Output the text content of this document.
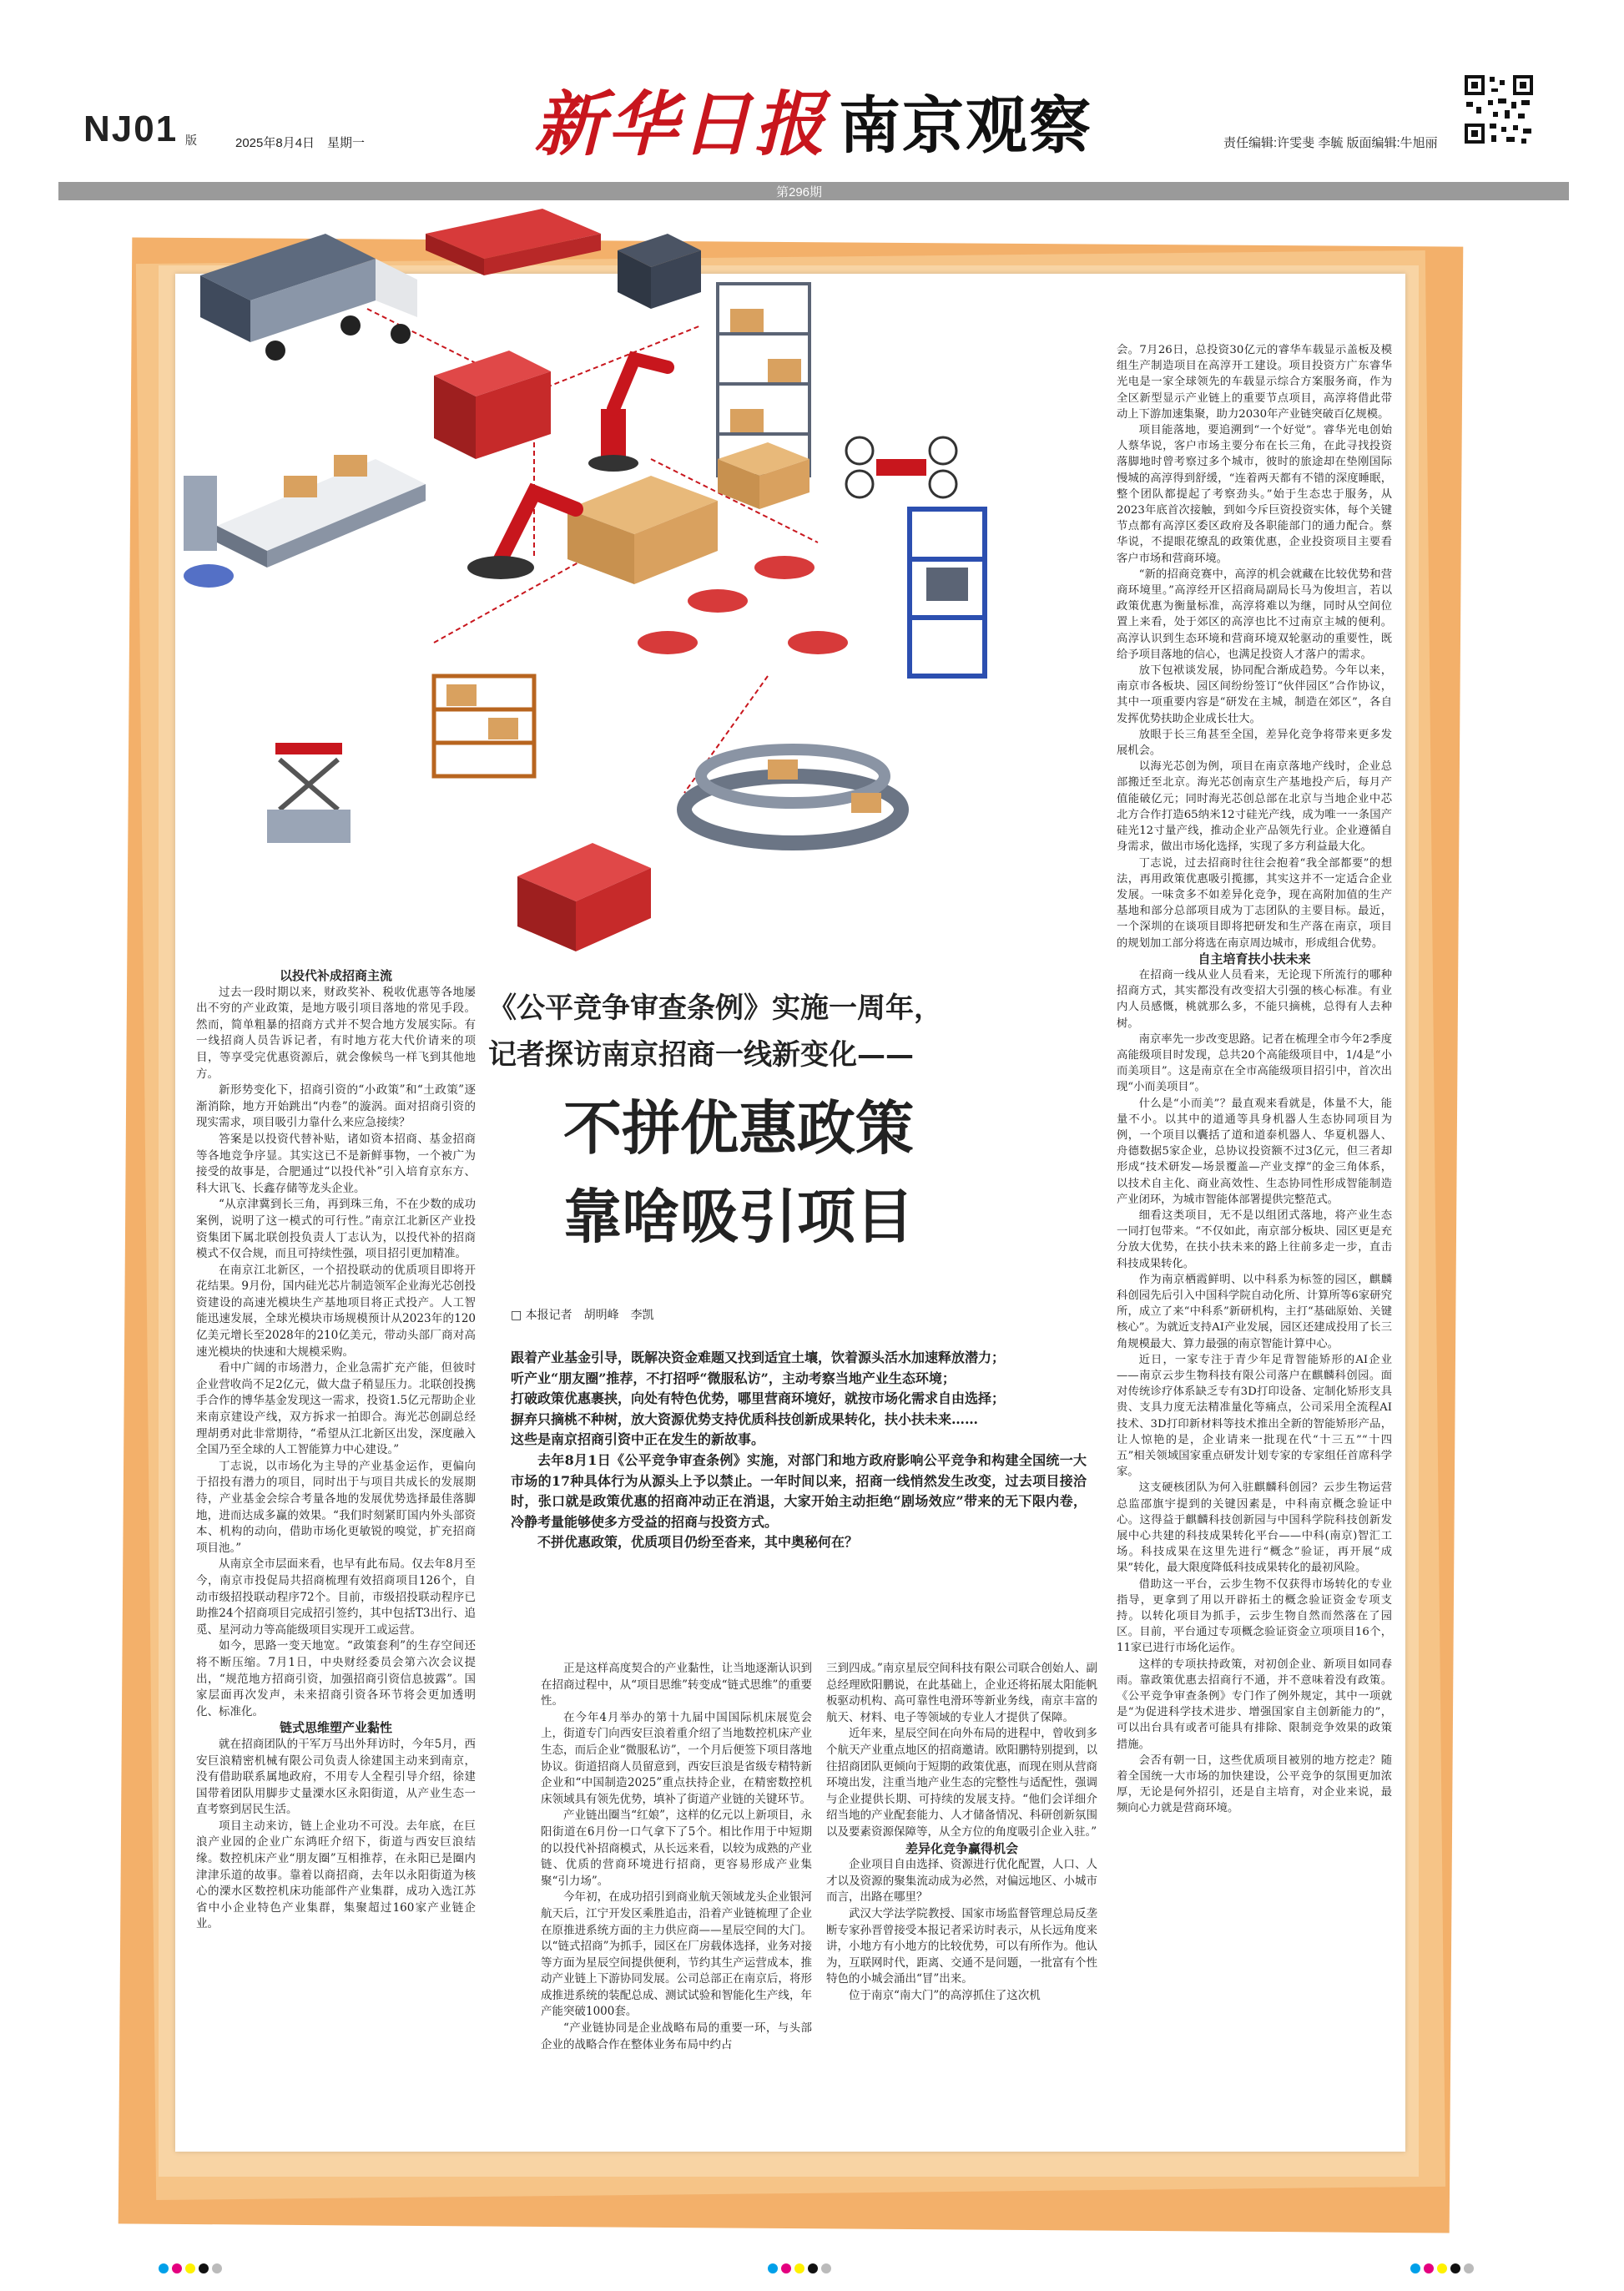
NJ01 版	2025年8月4日　星期一 新华日报 南京观察	责任编辑:许雯斐 李毓 版面编辑:牛旭丽
第296期
《公平竞争审查条例》实施一周年，
记者探访南京招商一线新变化——
不拼优惠政策
靠啥吸引项目
□ 本报记者　胡明峰　李凯

跟着产业基金引导，既解决资金难题又找到适宜土壤，饮着源头活水加速释放潜力；

听产业“朋友圈”推荐，不打招呼“微服私访”，主动考察当地产业生态环境；

打破政策优惠裹挟，向处有特色优势，哪里营商环境好，就按市场化需求自由选择；

摒弃只摘桃不种树，放大资源优势支持优质科技创新成果转化，扶小扶未来……

这些是南京招商引资中正在发生的新故事。

去年8月1日《公平竞争审查条例》实施，对部门和地方政府影响公平竞争和构建全国统一大市场的17种具体行为从源头上予以禁止。一年时间以来，招商一线悄然发生改变，过去项目接洽时，张口就是政策优惠的招商冲动正在消退，大家开始主动拒绝“剧场效应”带来的无下限内卷，冷静考量能够使多方受益的招商与投资方式。

不拼优惠政策，优质项目仍纷至沓来，其中奥秘何在？

以投代补成招商主流

过去一段时期以来，财政奖补、税收优惠等各地屡出不穷的产业政策，是地方吸引项目落地的常见手段。然而，简单粗暴的招商方式并不契合地方发展实际。有一线招商人员告诉记者，有时地方花大代价请来的项目，等享受完优惠资源后，就会像候鸟一样飞到其他地方。

新形势变化下，招商引资的“小政策”和“土政策”逐渐消除，地方开始跳出“内卷”的漩涡。面对招商引资的现实需求，项目吸引力靠什么来应急接续？

答案是以投资代替补贴，诸如资本招商、基金招商等各地竞争序显。其实这已不是新鲜事物，一个被广为接受的故事是，合肥通过“以投代补”引入培育京东方、科大讯飞、长鑫存储等龙头企业。

“从京津冀到长三角，再到珠三角，不在少数的成功案例，说明了这一模式的可行性。”南京江北新区产业投资集团下属北联创投负责人丁志认为，以投代补的招商模式不仅合规，而且可持续性强，项目招引更加精准。

在南京江北新区，一个招投联动的优质项目即将开花结果。9月份，国内硅光芯片制造领军企业海光芯创投资建设的高速光模块生产基地项目将正式投产。人工智能迅速发展，全球光模块市场规模预计从2023年的120亿美元增长至2028年的210亿美元，带动头部厂商对高速光模块的快速和大规模采购。

看中广阔的市场潜力，企业急需扩充产能，但彼时企业营收尚不足2亿元，做大盘子稍显压力。北联创投携手合作的博华基金发现这一需求，投资1.5亿元帮助企业来南京建设产线，双方拆求一拍即合。海光芯创副总经理胡勇对此非常期待，“希望从江北新区出发，深度融入全国乃至全球的人工智能算力中心建设。”

丁志说，以市场化为主导的产业基金运作，更偏向于招投有潜力的项目，同时出于与项目共成长的发展期待，产业基金会综合考量各地的发展优势选择最佳落脚地，进而达成多赢的效果。“我们时刻紧盯国内外头部资本、机构的动向，借助市场化更敏锐的嗅觉，扩充招商项目池。”

从南京全市层面来看，也早有此布局。仅去年8月至今，南京市投促局共招商梳理有效招商项目126个，自动市级招投联动程序72个。目前，市级招投联动程序已助推24个招商项目完成招引签约，其中包括T3出行、追觅、星河动力等高能级项目实现开工或运营。

如今，思路一变天地宽。“政策套利”的生存空间还将不断压缩。7月1日，中央财经委员会第六次会议提出，“规范地方招商引资，加强招商引资信息披露”。国家层面再次发声，未来招商引资各环节将会更加透明化、标准化。

链式思维塑产业黏性

就在招商团队的干军万马出外拜访时，今年5月，西安巨浪精密机械有限公司负责人徐建国主动来到南京，没有借助联系属地政府，不用专人全程引导介绍，徐建国带着团队用脚步丈量溧水区永阳街道，从产业生态一直考察到居民生活。

项目主动来访，链上企业功不可没。去年底，在巨浪产业园的企业广东鸿旺介绍下，街道与西安巨浪结缘。数控机床产业“朋友圈”互相推荐，在永阳已是圈内津津乐道的故事。靠着以商招商，去年以永阳街道为核心的溧水区数控机床功能部件产业集群，成功入选江苏省中小企业特色产业集群，集聚超过160家产业链企业。

正是这样高度契合的产业黏性，让当地逐渐认识到在招商过程中，从“项目思维”转变成“链式思维”的重要性。

在今年4月举办的第十九届中国国际机床展览会上，街道专门向西安巨浪着重介绍了当地数控机床产业生态，而后企业“微服私访”，一个月后便签下项目落地协议。街道招商人员留意到，西安巨浪是省级专精特新企业和“中国制造2025”重点扶持企业，在精密数控机床领域具有领先优势，填补了街道产业链的关键环节。

产业链出圈当“红娘”，这样的亿元以上新项目，永阳街道在6月份一口气拿下了5个。相比作用于中短期的以投代补招商模式，从长远来看，以较为成熟的产业链、优质的营商环境进行招商，更容易形成产业集聚“引力场”。

今年初，在成功招引到商业航天领域龙头企业银河航天后，江宁开发区乘胜追击，沿着产业链梳理了企业在原推进系统方面的主力供应商——星辰空间的大门。以“链式招商”为抓手，园区在厂房载体选择，业务对接等方面为星辰空间提供便利，节约其生产运营成本，推动产业链上下游协同发展。公司总部正在南京后，将形成推进系统的装配总成、测试试验和智能化生产线，年产能突破1000套。

“产业链协同是企业战略布局的重要一环，与头部企业的战略合作在整体业务布局中约占

三到四成。”南京星辰空间科技有限公司联合创始人、副总经理欧阳鹏说，在此基础上，企业还将拓展太阳能帆板驱动机构、高可靠性电滑环等新业务线，南京丰富的航天、材料、电子等领域的专业人才提供了保障。

近年来，星辰空间在向外布局的进程中，曾收到多个航天产业重点地区的招商邀请。欧阳鹏特别提到，以往招商团队更倾向于短期的政策优惠，而现在则从营商环境出发，注重当地产业生态的完整性与适配性，强调与企业提供长期、可持续的发展支持。“他们会详细介绍当地的产业配套能力、人才储备情况、科研创新氛围以及要素资源保障等，从全方位的角度吸引企业入驻。”

差异化竞争赢得机会

企业项目自由选择、资源进行优化配置，人口、人才以及资源的聚集流动成为必然，对偏远地区、小城市而言，出路在哪里？

武汉大学法学院教授、国家市场监督管理总局反垄断专家孙晋曾接受本报记者采访时表示，从长远角度来讲，小地方有小地方的比较优势，可以有所作为。他认为，互联网时代，距离、交通不是问题，一批富有个性特色的小城会涌出“冒”出来。

位于南京“南大门”的高淳抓住了这次机

会。7月26日，总投资30亿元的睿华车载显示盖板及模组生产制造项目在高淳开工建设。项目投资方广东睿华光电是一家全球领先的车载显示综合方案服务商，作为全区新型显示产业链上的重要节点项目，高淳将借此带动上下游加速集聚，助力2030年产业链突破百亿规模。

项目能落地，要追溯到“一个好觉”。睿华光电创始人蔡华说，客户市场主要分布在长三角，在此寻找投资落脚地时曾考察过多个城市，彼时的旅途却在垫刚国际慢城的高淳得到舒缓，“连着两天都有不错的深度睡眠，整个团队都提起了考察劲头。”始于生态忠于服务，从2023年底首次接触，到如今斥巨资投资实体，每个关键节点都有高淳区委区政府及各职能部门的通力配合。蔡华说，不提眼花缭乱的政策优惠，企业投资项目主要看客户市场和营商环境。

“新的招商竞赛中，高淳的机会就藏在比较优势和营商环境里。”高淳经开区招商局副局长马为俊坦言，若以政策优惠为衡量标准，高淳将难以为继，同时从空间位置上来看，处于郊区的高淳也比不过南京主城的便利。高淳认识到生态环境和营商环境双轮驱动的重要性，既给予项目落地的信心，也满足投资人才落户的需求。

放下包袱谈发展，协同配合渐成趋势。今年以来，南京市各板块、园区间纷纷签订“伙伴园区”合作协议，其中一项重要内容是“研发在主城，制造在郊区”，各自发挥优势扶助企业成长壮大。

放眼于长三角甚至全国，差异化竞争将带来更多发展机会。

以海光芯创为例，项目在南京落地产线时，企业总部搬迁至北京。海光芯创南京生产基地投产后，每月产值能破亿元；同时海光芯创总部在北京与当地企业中芯北方合作打造65纳米12寸硅光产线，成为唯一一条国产硅光12寸量产线，推动企业产品领先行业。企业遵循自身需求，做出市场化选择，实现了多方利益最大化。

丁志说，过去招商时往往会抱着“我全部都要”的想法，再用政策优惠吸引揽挪，其实这并不一定适合企业发展。一味贪多不如差异化竞争，现在高附加值的生产基地和部分总部项目成为丁志团队的主要目标。最近，一个深圳的在谈项目即将把研发和生产落在南京，项目的规划加工部分将选在南京周边城市，形成组合优势。

自主培育扶小扶未来

在招商一线从业人员看来，无论现下所流行的哪种招商方式，其实都没有改变招大引强的核心标准。有业内人员感慨，桃就那么多，不能只摘桃，总得有人去种树。

南京率先一步改变思路。记者在梳理全市今年2季度高能级项目时发现，总共20个高能级项目中，1/4是“小而美项目”。这是南京在全市高能级项目招引中，首次出现“小而美项目”。

什么是“小而美”？最直观来看就是，体量不大，能量不小。以其中的道通等具身机器人生态协同项目为例，一个项目以囊括了道和道泰机器人、华夏机器人、舟德数据5家企业，总协议投资额不过3亿元，但三者却形成“技术研发—场景覆盖—产业支撑”的金三角体系，以技术自主化、商业高效性、生态协同性形成智能制造产业闭环，为城市智能体部署提供完整范式。

细看这类项目，无不是以组团式落地，将产业生态一同打包带来。“不仅如此，南京部分板块、园区更是充分放大优势，在扶小扶未来的路上往前多走一步，直击科技成果转化。

作为南京栖霞鲜明、以中科系为标签的园区，麒麟科创园先后引入中国科学院自动化所、计算所等6家研究所，成立了来“中科系”新研机构，主打“基础原始、关键核心”。为就近支持AI产业发展，园区还建成投用了长三角规模最大、算力最强的南京智能计算中心。

近日，一家专注于青少年足背智能矫形的AI企业——南京云步生物科技有限公司落户在麒麟科创园。面对传统诊疗体系缺乏专有3D打印设备、定制化矫形支具贵、支具力度无法精准量化等痛点，公司采用全流程AI技术、3D打印新材料等技术推出全新的智能矫形产品，让人惊艳的是，企业请来一批现在代“十三五”“十四五”相关领域国家重点研发计划专家的专家组任首席科学家。

这支硬核团队为何入驻麒麟科创园？云步生物运营总监邵旗宇提到的关键因素是，中科南京概念验证中心。这得益于麒麟科技创新园与中国科学院科技创新发展中心共建的科技成果转化平台——中科(南京)智汇工场。科技成果在这里先进行“概念”验证，再开展“成果”转化，最大限度降低科技成果转化的最初风险。

借助这一平台，云步生物不仅获得市场转化的专业指导，更拿到了用以开辟拓土的概念验证资金专项支持。以转化项目为抓手，云步生物自然而然落在了园区。目前，平台通过专项概念验证资金立项项目16个，11家已进行市场化运作。

这样的专项扶持政策，对初创企业、新项目如同春雨。靠政策优惠去招商行不通，并不意味着没有政策。《公平竞争审查条例》专门作了例外规定，其中一项就是“为促进科学技术进步、增强国家自主创新能力的”，可以出台具有或者可能具有排除、限制竞争效果的政策措施。

会否有朝一日，这些优质项目被别的地方挖走？随着全国统一大市场的加快建设，公平竞争的氛围更加浓厚，无论是何外招引，还是自主培育，对企业来说，最频向心力就是营商环境。
